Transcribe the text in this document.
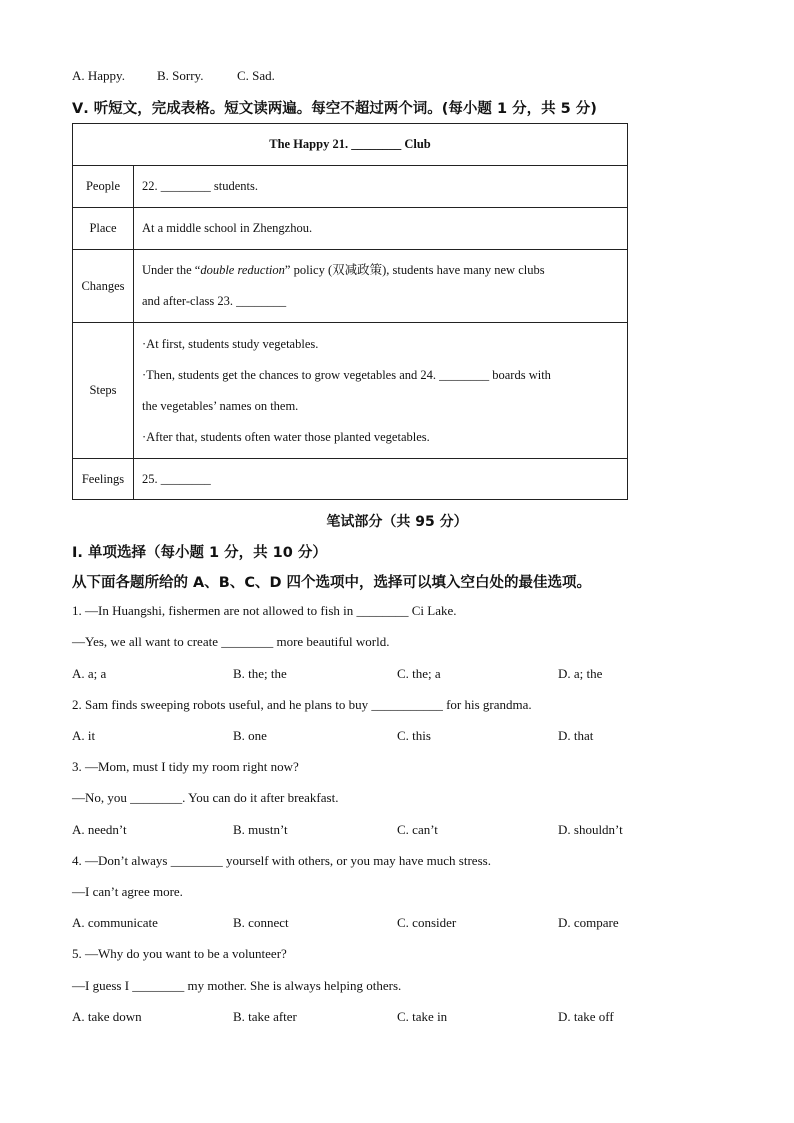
A. Happy. B. Sorry.	C. Sad.
Ⅴ. 听短文，完成表格。短文读两遍。每空不超过两个词。(每小题 1 分，共 5 分)
The Happy 21. ________ Club	
People	22. ________ students.
Place	At a middle school in Zhengzhou.
Changes	Under the “double reduction” policy (双减政策), students have many new clubs
and after-class 23. ________

Steps	·At first, students study vegetables.
·Then, students get the chances to grow vegetables and 24. ________ boards with
the vegetables’ names on them.
·After that, students often water those planted vegetables.

Feelings	25. ________
笔试部分（共 95 分）
Ⅰ. 单项选择（每小题 1 分，共 10 分）
从下面各题所给的 A、B、C、D 四个选项中，选择可以填入空白处的最佳选项。
1. —In Huangshi, fishermen are not allowed to fish in ________ Ci Lake.
—Yes, we all want to create ________ more beautiful world.
A. a; a	B. the; the	C. the; a	D. a; the
2. Sam finds sweeping robots useful, and he plans to buy ___________ for his grandma.
A. it	B. one	C. this	D. that
3. —Mom, must I tidy my room right now?
—No, you ________. You can do it after breakfast.
A. needn’t	B. mustn’t	C. can’t	D. shouldn’t
4. —Don’t always ________ yourself with others, or you may have much stress.
—I can’t agree more.
A. communicate	B. connect	C. consider	D. compare
5. —Why do you want to be a volunteer?
—I guess I ________ my mother. She is always helping others.
A. take down	B. take after	C. take in	D. take off
